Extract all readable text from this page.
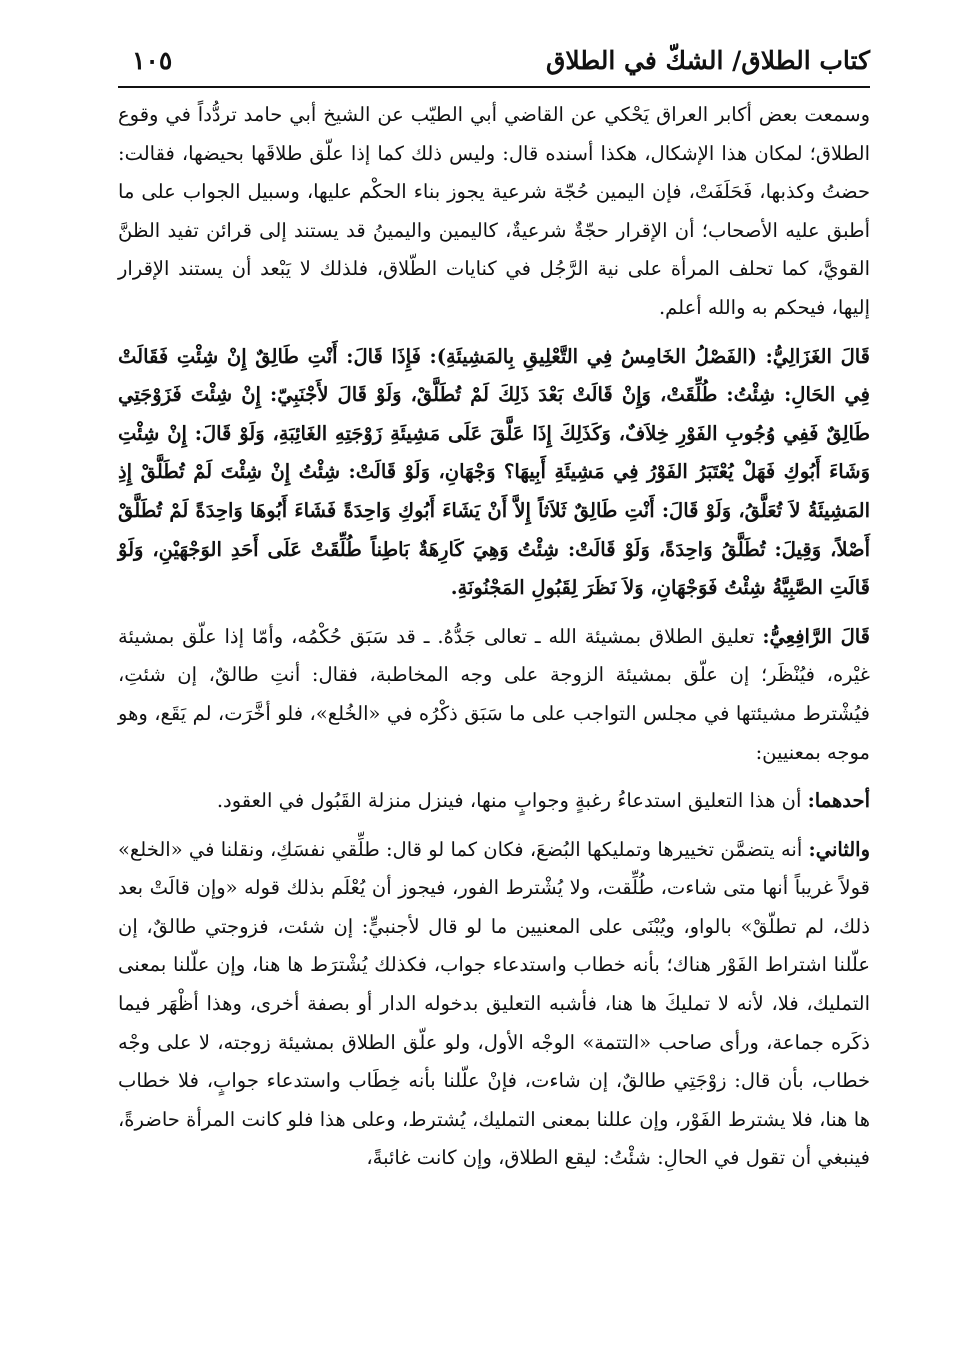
كتاب الطلاق/ الشكّ في الطلاق
١٠٥

وسمعت بعض أكابر العراق يَحْكي عن القاضي أبي الطيّب عن الشيخ أبي حامد تردُّداً في وقوع الطلاق؛ لمكان هذا الإشكال، هكذا أسنده قال: وليس ذلك كما إذا علّق طلاقَها بحيضها، فقالت: حضتُ وكذبها، فَحَلَفَتْ، فإن اليمين حُجّة شرعية يجوز بناء الحكْم عليها، وسبيل الجواب على ما أطبق عليه الأصحاب؛ أن الإقرار حجّةٌ شرعيةٌ، كاليمين واليمينُ قد يستند إلى قرائن تفيد الظنَّ القويَّ، كما تحلف المرأة على نية الرَّجُل في كنايات الطّلاق، فلذلك لا يَبْعد أن يستند الإقرار إليها، فيحكم به والله أعلم.

قَالَ الغَزَالِيُّ: (الفَصْلُ الخَامِسُ فِي التَّعْلِيقِ بِالمَشِيئَةِ): فَإِذَا قَالَ: أَنْتِ طَالِقٌ إِنْ شِئْتِ فَقَالَتْ فِي الحَالِ: شِئْتُ: طُلِّقَتْ، وَإِنْ قَالَتْ بَعْدَ ذَلِكَ لَمْ تُطَلَّقْ، وَلَوْ قَالَ لأَجْنَبِيّ: إِنْ شِئْتَ فَزَوْجَتِي طَالِقٌ فَفِي وُجُوبِ الفَوْرِ خِلاَفٌ، وَكَذَلِكَ إِذَا عَلَّقَ عَلَى مَشِيئَةِ زَوْجَتِهِ الغَائِبَةِ، وَلَوْ قَالَ: إِنْ شِئْتِ وَشَاءَ أَبُوكِ فَهَلْ يُعْتَبَرُ الفَوْرُ فِي مَشِيئَةِ أَبِيهَا؟ وَجْهَانِ، وَلَوْ قَالَتْ: شِئْتُ إِنْ شِئْتَ لَمْ تُطَلَّقْ إِذِ المَشِيئَةُ لاَ تُعَلَّقُ، وَلَوْ قَالَ: أَنْتِ طَالِقٌ ثَلاَثاً إِلاَّ أَنْ يَشَاءَ أَبُوكِ وَاحِدَةً فَشَاءَ أَبُوهَا وَاحِدَةً لَمْ تُطَلَّقْ أَصْلاً، وَقِيلَ: تُطَلَّقُ وَاحِدَةً، وَلَوْ قَالَتْ: شِئْتُ وَهِيَ كَارِهَةٌ بَاطِناً طُلِّقَتْ عَلَى أَحَدِ الوَجْهَيْنِ، وَلَوْ قَالَتِ الصَّبِيَّةُ شِئْتُ فَوَجْهَانِ، وَلاَ نَظَرَ لِقَبُولِ المَجْنُونَةِ.

قَالَ الرَّافِعِيُّ: تعليق الطلاق بمشيئة الله ـ تعالى جَدُّهُ. ـ قد سَبَق حُكْمُه، وأمّا إذا علّق بمشيئة غيْره، فيُنْظَر؛ إن علّق بمشيئة الزوجة على وجه المخاطبة، فقال: أنتِ طالقٌ، إن شئتِ، فيُشْترط مشيئتها في مجلس التواجب على ما سَبَق ذكْرُه في «الخُلع»، فلو أخَّرَت، لم يَقَع، وهو موجه بمعنيين:

أحدهما: أن هذا التعليق استدعاءُ رغبةٍ وجوابٍ منها، فينزل منزلة القَبُول في العقود.

والثاني: أنه يتضمَّن تخييرها وتمليكها البُضعَ، فكان كما لو قال: طلِّقي نفسَكِ، ونقلنا في «الخلع» قولاً غريباً أنها متى شاءت، طُلِّقت، ولا يُشْترط الفور، فيجوز أن يُعْلَم بذلك قوله «وإن قالَتْ بعد ذلك، لم تطلّقْ» بالواو، ويُبْنَى على المعنيين ما لو قال لأجنبيٍّ: إن شئت، فزوجتي طالقٌ، إن علّلنا اشتراط الفَوْر هناك؛ بأنه خطاب واستدعاء جواب، فكذلك يُشْترَط ها هنا، وإن علّلنا بمعنى التمليك، فلا، لأنه لا تمليكَ ها هنا، فأشبه التعليق بدخوله الدار أو بصفة أخرى، وهذا أظْهَر فيما ذكَره جماعة، ورأى صاحب «التتمة» الوجْه الأول، ولو علّق الطلاق بمشيئة زوجته، لا على وجْه خطاب، بأن قال: زوْجَتِي طالقٌ، إن شاءت، فإنْ علّلنا بأنه خِطَاب واستدعاء جوابٍ، فلا خطاب ها هنا، فلا يشترط الفَوْر، وإن عللنا بمعنى التمليك، يُشترط، وعلى هذا فلو كانت المرأة حاضرةً، فينبغي أن تقول في الحالِ: شئْتُ: ليقع الطلاق، وإن كانت غائبةً،
